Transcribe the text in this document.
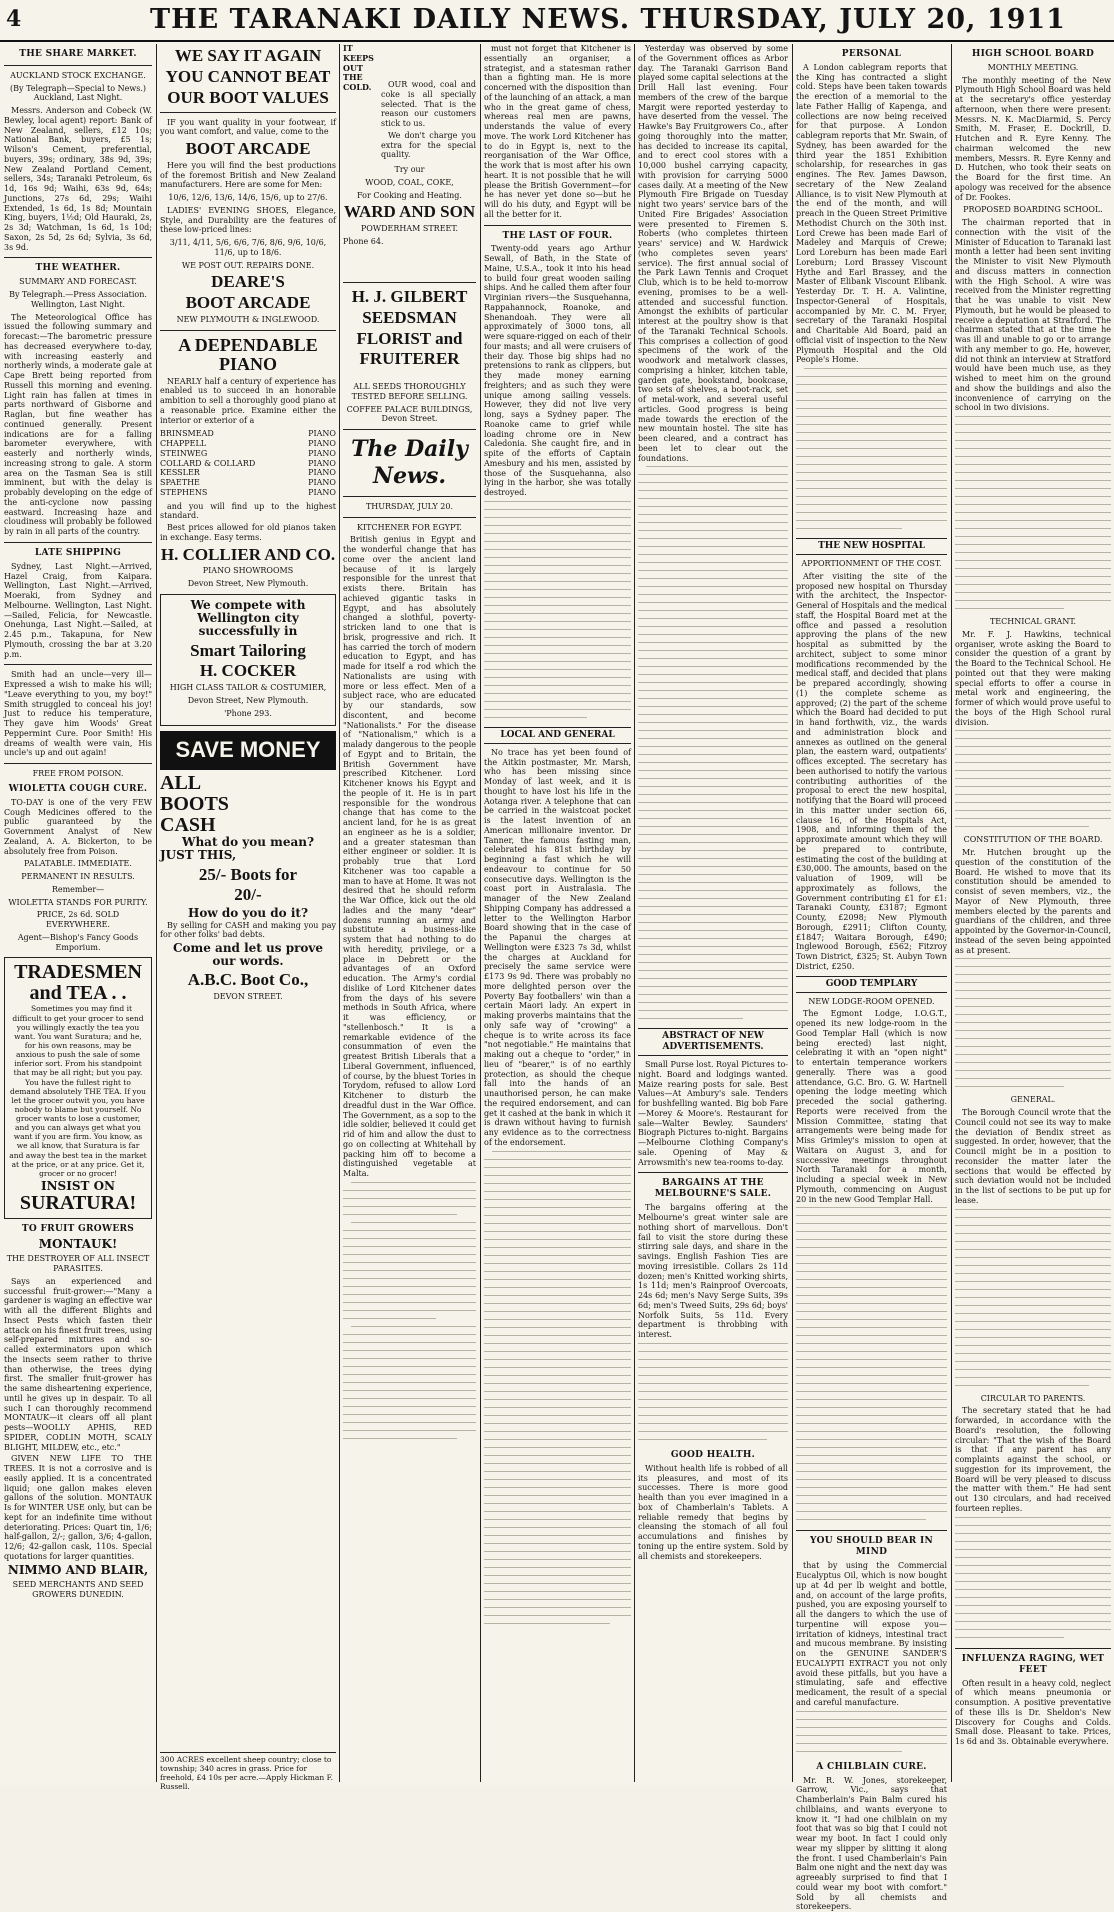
4	THE TARANAKI DAILY NEWS. THURSDAY, JULY 20, 1911
THE SHARE MARKET.
AUCKLAND STOCK EXCHANGE.
(By Telegraph—Special to News.) Auckland, Last Night.

Messrs. Anderson and Cobeck (W. Bewley, local agent) report: Bank of New Zealand, sellers, £12 10s; National Bank, buyers, £5 1s; Wilson's Cement, preferential, buyers, 39s; ordinary, 38s 9d, 39s; New Zealand Portland Cement, sellers, 34s; Taranaki Petroleum, 6s 1d, 16s 9d; Waihi, 63s 9d, 64s; Junctions, 27s 6d, 29s; Waihi Extended, 1s 6d, 1s 8d; Mountain King, buyers, 1½d; Old Hauraki, 2s, 2s 3d; Watchman, 1s 6d, 1s 10d; Saxon, 2s 5d, 2s 6d; Sylvia, 3s 6d, 3s 9d.

THE WEATHER.
SUMMARY AND FORECAST.
By Telegraph.—Press Association. Wellington, Last Night.

The Meteorological Office has issued the following summary and forecast:—The barometric pressure has decreased everywhere to-day, with increasing easterly and northerly winds, a moderate gale at Cape Brett being reported from Russell this morning and evening. Light rain has fallen at times in parts northward of Gisborne and Raglan, but fine weather has continued generally. Present indications are for a falling barometer everywhere, with easterly and northerly winds, increasing strong to gale. A storm area on the Tasman Sea is still imminent, but with the delay is probably developing on the edge of the anti-cyclone now passing eastward. Increasing haze and cloudiness will probably be followed by rain in all parts of the country.

LATE SHIPPING

Sydney, Last Night.—Arrived, Hazel Craig, from Kaipara. Wellington, Last Night.—Arrived, Moeraki, from Sydney and Melbourne. Wellington, Last Night.—Sailed, Felicia, for Newcastle. Onehunga, Last Night.—Sailed, at 2.45 p.m., Takapuna, for New Plymouth, crossing the bar at 3.20 p.m.

Smith had an uncle—very ill—Expressed a wish to make his will; "Leave everything to you, my boy!" Smith struggled to conceal his joy! Just to reduce his temperature, They gave him Woods' Great Peppermint Cure. Poor Smith! His dreams of wealth were vain, His uncle's up and out again!

FREE FROM POISON.
WIOLETTA COUGH CURE.

TO-DAY is one of the very FEW Cough Medicines offered to the public guaranteed by the Government Analyst of New Zealand, A. A. Bickerton, to be absolutely free from Poison.

PALATABLE. IMMEDIATE.
PERMANENT IN RESULTS.
Remember—
WIOLETTA STANDS FOR PURITY.
PRICE, 2s 6d. SOLD EVERYWHERE.
Agent—Bishop's Fancy Goods Emporium.
TRADESMEN and TEA . .

Sometimes you may find it difficult to get your grocer to send you willingly exactly the tea you want. You want Suratura; and he, for his own reasons, may be anxious to push the sale of some inferior sort. From his standpoint that may be all right; but you pay. You have the fullest right to demand absolutely THE TEA. If you let the grocer outwit you, you have nobody to blame but yourself. No grocer wants to lose a customer, and you can always get what you want if you are firm. You know, as we all know, that Suratura is far and away the best tea in the market at the price, or at any price. Get it, grocer or no grocer!

INSIST ON
SURATURA!
TO FRUIT GROWERS
MONTAUK!
THE DESTROYER OF ALL INSECT PARASITES.

Says an experienced and successful fruit-grower:—"Many a gardener is waging an effective war with all the different Blights and Insect Pests which fasten their attack on his finest fruit trees, using self-prepared mixtures and so-called exterminators upon which the insects seem rather to thrive than otherwise, the trees dying first. The smaller fruit-grower has the same disheartening experience, until he gives up in despair. To all such I can thoroughly recommend MONTAUK—it clears off all plant pests—WOOLLY APHIS, RED SPIDER, CODLIN MOTH, SCALY BLIGHT, MILDEW, etc., etc."

GIVEN NEW LIFE TO THE TREES. It is not a corrosive and is easily applied. It is a concentrated liquid; one gallon makes eleven gallons of the solution. MONTAUK Is for WINTER USE only, but can be kept for an indefinite time without deteriorating. Prices: Quart tin, 1/6; half-gallon, 2/-; gallon, 3/6; 4-gallon, 12/6; 42-gallon cask, 110s. Special quotations for larger quantities.

NIMMO AND BLAIR,
SEED MERCHANTS AND SEED GROWERS DUNEDIN.
WE SAY IT AGAIN
YOU CANNOT BEAT
OUR BOOT VALUES

IF you want quality in your footwear, if you want comfort, and value, come to the

BOOT ARCADE

Here you will find the best productions of the foremost British and New Zealand manufacturers. Here are some for Men:

10/6, 12/6, 13/6, 14/6, 15/6, up to 27/6.

LADIES' EVENING SHOES, Elegance, Style, and Durability are the features of these low-priced lines:

3/11, 4/11, 5/6, 6/6, 7/6, 8/6, 9/6, 10/6, 11/6, up to 18/6.
WE POST OUT. REPAIRS DONE.
DEARE'S
BOOT ARCADE
NEW PLYMOUTH & INGLEWOOD.
A DEPENDABLE PIANO

NEARLY half a century of experience has enabled us to succeed in an honorable ambition to sell a thoroughly good piano at a reasonable price. Examine either the interior or exterior of a

BRINSMEAD	PIANO
CHAPPELL	PIANO
STEINWEG	PIANO
COLLARD & COLLARD	PIANO
KESSLER	PIANO
SPAETHE	PIANO
STEPHENS	PIANO

and you will find up to the highest standard.

Best prices allowed for old pianos taken in exchange. Easy terms.

H. COLLIER AND CO.
PIANO SHOWROOMS
Devon Street, New Plymouth.
We compete with Wellington city successfully in
Smart Tailoring
H. COCKER
HIGH CLASS TAILOR & COSTUMIER,
Devon Street, New Plymouth.
'Phone 293.
SAVE MONEY
ALL
BOOTS
CASH
What do you mean?
JUST THIS,
25/- Boots for
20/-
How do you do it?

By selling for CASH and making you pay for other folks' bad debts.

Come and let us prove our words.
A.B.C. Boot Co.,
DEVON STREET.
IT KEEPS OUT THE COLD.	OUR wood, coal and coke is all specially selected. That is the reason our customers stick to us.

We don't charge you extra for the special quality.

Try our
WOOD, COAL, COKE,
For Cooking and Heating.
WARD AND SON
POWDERHAM STREET.
Phone 64.
H. J. GILBERT
SEEDSMAN
FLORIST and
FRUITERER
ALL SEEDS THOROUGHLY TESTED BEFORE SELLING.
COFFEE PALACE BUILDINGS, Devon Street.
The Daily News.
THURSDAY, JULY 20.
KITCHENER FOR EGYPT.

British genius in Egypt and the wonderful change that has come over the ancient land because of it is largely responsible for the unrest that exists there. Britain has achieved gigantic tasks in Egypt, and has absolutely changed a slothful, poverty-stricken land to one that is brisk, progressive and rich. It has carried the torch of modern education to Egypt, and has made for itself a rod which the Nationalists are using with more or less effect. Men of a subject race, who are educated by our standards, sow discontent, and become "Nationalists." For the disease of "Nationalism," which is a malady dangerous to the people of Egypt and to Britain, the British Government have prescribed Kitchener. Lord Kitchener knows his Egypt and the people of it. He is in part responsible for the wondrous change that has come to the ancient land, for he is as great an engineer as he is a soldier, and a greater statesman than either engineer or soldier. It is probably true that Lord Kitchener was too capable a man to have at Home. It was not desired that he should reform the War Office, kick out the old ladies and the many "dear" dozens running an army and substitute a business-like system that had nothing to do with heredity, privilege, or a place in Debrett or the advantages of an Oxford education. The Army's cordial dislike of Lord Kitchener dates from the days of his severe methods in South Africa, where it was efficiency, or "stellenbosch." It is a remarkable evidence of the consummation of even the greatest British Liberals that a Liberal Government, influenced, of course, by the bluest Tories in Torydom, refused to allow Lord Kitchener to disturb the dreadful dust in the War Office. The Government, as a sop to the idle soldier, believed it could get rid of him and allow the dust to go on collecting at Whitehall by packing him off to become a distinguished vegetable at Malta.

must not forget that Kitchener is essentially an organiser, a strategist, and a statesman rather than a fighting man. He is more concerned with the disposition than of the launching of an attack, a man who in the great game of chess, whereas real men are pawns, understands the value of every move. The work Lord Kitchener has to do in Egypt is, next to the reorganisation of the War Office, the work that is most after his own heart. It is not possible that he will please the British Government—for he has never yet done so—but he will do his duty, and Egypt will be all the better for it.

THE LAST OF FOUR.

Twenty-odd years ago Arthur Sewall, of Bath, in the State of Maine, U.S.A., took it into his head to build four great wooden sailing ships. And he called them after four Virginian rivers—the Susquehanna, Rappahannock, Roanoke, and Shenandoah. They were all approximately of 3000 tons, all were square-rigged on each of their four masts; and all were cruisers of their day. Those big ships had no pretensions to rank as clippers, but they made money earning freighters; and as such they were unique among sailing vessels. However, they did not live very long, says a Sydney paper. The Roanoke came to grief while loading chrome ore in New Caledonia. She caught fire, and in spite of the efforts of Captain Amesbury and his men, assisted by those of the Susquehanna, also lying in the harbor, she was totally destroyed.

LOCAL AND GENERAL

No trace has yet been found of the Aitkin postmaster, Mr. Marsh, who has been missing since Monday of last week, and it is thought to have lost his life in the Aotanga river. A telephone that can be carried in the waistcoat pocket is the latest invention of an American millionaire inventor. Dr Tanner, the famous fasting man, celebrated his 81st birthday by beginning a fast which he will endeavour to continue for 50 consecutive days. Wellington is the coast port in Australasia. The manager of the New Zealand Shipping Company has addressed a letter to the Wellington Harbor Board showing that in the case of the Papanui the charges at Wellington were £323 7s 3d, whilst the charges at Auckland for precisely the same service were £173 9s 9d. There was probably no more delighted person over the Poverty Bay footballers' win than a certain Maori lady. An expert in making proverbs maintains that the only safe way of "crowing" a cheque is to write across its face "not negotiable." He maintains that making out a cheque to "order," in lieu of "bearer," is of no earthly protection, as should the cheque fall into the hands of an unauthorised person, he can make the required endorsement, and can get it cashed at the bank in which it is drawn without having to furnish any evidence as to the correctness of the endorsement.

Yesterday was observed by some of the Government offices as Arbor day. The Taranaki Garrison Band played some capital selections at the Drill Hall last evening. Four members of the crew of the barque Margit were reported yesterday to have deserted from the vessel. The Hawke's Bay Fruitgrowers Co., after going thoroughly into the matter, has decided to increase its capital, and to erect cool stores with a 10,000 bushel carrying capacity, with provision for carrying 5000 cases daily. At a meeting of the New Plymouth Fire Brigade on Tuesday night two years' service bars of the United Fire Brigades' Association were presented to Firemen S. Roberts (who completes thirteen years' service) and W. Hardwick (who completes seven years' service). The first annual social of the Park Lawn Tennis and Croquet Club, which is to be held to-morrow evening, promises to be a well-attended and successful function. Amongst the exhibits of particular interest at the poultry show is that of the Taranaki Technical Schools. This comprises a collection of good specimens of the work of the woodwork and metalwork classes, comprising a hinker, kitchen table, garden gate, bookstand, bookcase, two sets of shelves, a boot-rack, set of metal-work, and several useful articles. Good progress is being made towards the erection of the new mountain hostel. The site has been cleared, and a contract has been let to clear out the foundations.

ABSTRACT OF NEW ADVERTISEMENTS.

Small Purse lost. Royal Pictures to-night. Board and lodgings wanted. Maize rearing posts for sale. Best Values—At Ambury's sale. Tenders for bushfelling wanted. Big bob Fare—Morey & Moore's. Restaurant for sale—Walter Bewley. Saunders' Biograph Pictures to-night. Bargains—Melbourne Clothing Company's sale. Opening of May & Arrowsmith's new tea-rooms to-day.

BARGAINS AT THE MELBOURNE'S SALE.

The bargains offering at the Melbourne's great winter sale are nothing short of marvellous. Don't fail to visit the store during these stirring sale days, and share in the savings. English Fashion Ties are moving irresistible. Collars 2s 11d dozen; men's Knitted working shirts, 1s 11d; men's Rainproof Overcoats, 24s 6d; men's Navy Serge Suits, 39s 6d; men's Tweed Suits, 29s 6d; boys' Norfolk Suits, 5s 11d. Every department is throbbing with interest.

GOOD HEALTH.

Without health life is robbed of all its pleasures, and most of its successes. There is more good health than you ever imagined in a box of Chamberlain's Tablets. A reliable remedy that begins by cleansing the stomach of all foul accumulations and finishes by toning up the entire system. Sold by all chemists and storekeepers.

PERSONAL

A London cablegram reports that the King has contracted a slight cold. Steps have been taken towards the erection of a memorial to the late Father Hallig of Kapenga, and collections are now being received for that purpose. A London cablegram reports that Mr. Swain, of Sydney, has been awarded for the third year the 1851 Exhibition scholarship, for researches in gas engines. The Rev. James Dawson, secretary of the New Zealand Alliance, is to visit New Plymouth at the end of the month, and will preach in the Queen Street Primitive Methodist Church on the 30th inst. Lord Crewe has been made Earl of Madeley and Marquis of Crewe; Lord Loreburn has been made Earl Loreburn; Lord Brassey Viscount Hythe and Earl Brassey, and the Master of Elibank Viscount Elibank. Yesterday Dr. T. H. A. Valintine, Inspector-General of Hospitals, accompanied by Mr. C. M. Fryer, secretary of the Taranaki Hospital and Charitable Aid Board, paid an official visit of inspection to the New Plymouth Hospital and the Old People's Home.

THE NEW HOSPITAL
APPORTIONMENT OF THE COST.

After visiting the site of the proposed new hospital on Thursday with the architect, the Inspector-General of Hospitals and the medical staff, the Hospital Board met at the office and passed a resolution approving the plans of the new hospital as submitted by the architect, subject to some minor modifications recommended by the medical staff, and decided that plans be prepared accordingly, showing (1) the complete scheme as approved; (2) the part of the scheme which the Board had decided to put in hand forthwith, viz., the wards and administration block and annexes as outlined on the general plan, the eastern ward, outpatients' offices excepted. The secretary has been authorised to notify the various contributing authorities of the proposal to erect the new hospital, notifying that the Board will proceed in this matter under section 66, clause 16, of the Hospitals Act, 1908, and informing them of the approximate amount which they will be prepared to contribute, estimating the cost of the building at £30,000. The amounts, based on the valuation of 1909, will be approximately as follows, the Government contributing £1 for £1: Taranaki County, £3187; Egmont County, £2098; New Plymouth Borough, £2911; Clifton County, £1847; Waitara Borough, £490; Inglewood Borough, £562; Fitzroy Town District, £325; St. Aubyn Town District, £250.

GOOD TEMPLARY
NEW LODGE-ROOM OPENED.

The Egmont Lodge, I.O.G.T., opened its new lodge-room in the Good Templar Hall (which is now being erected) last night, celebrating it with an "open night" to entertain temperance workers generally. There was a good attendance, G.C. Bro. G. W. Hartnell opening the lodge meeting which preceded the social gathering. Reports were received from the Mission Committee, stating that arrangements were being made for Miss Grimley's mission to open at Waitara on August 3, and for successive meetings throughout North Taranaki for a month, including a special week in New Plymouth, commencing on August 20 in the new Good Templar Hall.

YOU SHOULD BEAR IN MIND

that by using the Commercial Eucalyptus Oil, which is now bought up at 4d per lb weight and bottle, and, on account of the large profits, pushed, you are exposing yourself to all the dangers to which the use of turpentine will expose you—irritation of kidneys, intestinal tract and mucous membrane. By insisting on the GENUINE SANDER'S EUCALYPTI EXTRACT you not only avoid these pitfalls, but you have a stimulating, safe and effective medicament, the result of a special and careful manufacture.

A CHILBLAIN CURE.

Mr. R. W. Jones, storekeeper, Garrow, Vic., says that Chamberlain's Pain Balm cured his chilblains, and wants everyone to know it. "I had one chilblain on my foot that was so big that I could not wear my boot. In fact I could only wear my slipper by slitting it along the front. I used Chamberlain's Pain Balm one night and the next day was agreeably surprised to find that I could wear my boot with comfort." Sold by all chemists and storekeepers.

HIGH SCHOOL BOARD
MONTHLY MEETING.

The monthly meeting of the New Plymouth High School Board was held at the secretary's office yesterday afternoon, when there were present: Messrs. N. K. MacDiarmid, S. Percy Smith, M. Fraser, E. Dockrill, D. Hutchen and R. Eyre Kenny. The chairman welcomed the new members, Messrs. R. Eyre Kenny and D. Hutchen, who took their seats on the Board for the first time. An apology was received for the absence of Dr. Fookes.

PROPOSED BOARDING SCHOOL.

The chairman reported that in connection with the visit of the Minister of Education to Taranaki last month a letter had been sent inviting the Minister to visit New Plymouth and discuss matters in connection with the High School. A wire was received from the Minister regretting that he was unable to visit New Plymouth, but he would be pleased to receive a deputation at Stratford. The chairman stated that at the time he was ill and unable to go or to arrange with any member to go. He, however, did not think an interview at Stratford would have been much use, as they wished to meet him on the ground and show the buildings and also the inconvenience of carrying on the school in two divisions.

TECHNICAL GRANT.

Mr. F. J. Hawkins, technical organiser, wrote asking the Board to consider the question of a grant by the Board to the Technical School. He pointed out that they were making special efforts to offer a course in metal work and engineering, the former of which would prove useful to the boys of the High School rural division.

CONSTITUTION OF THE BOARD.

Mr. Hutchen brought up the question of the constitution of the Board. He wished to move that its constitution should be amended to consist of seven members, viz., the Mayor of New Plymouth, three members elected by the parents and guardians of the children, and three appointed by the Governor-in-Council, instead of the seven being appointed as at present.

GENERAL.

The Borough Council wrote that the Council could not see its way to make the deviation of Bendix street as suggested. In order, however, that the Council might be in a position to reconsider the matter later the sections that would be effected by such deviation would not be included in the list of sections to be put up for lease.

CIRCULAR TO PARENTS.

The secretary stated that he had forwarded, in accordance with the Board's resolution, the following circular: "That the wish of the Board is that if any parent has any complaints against the school, or suggestion for its improvement, the Board will be very pleased to discuss the matter with them." He had sent out 130 circulars, and had received fourteen replies.

INFLUENZA RAGING, WET FEET

Often result in a heavy cold, neglect of which means pneumonia or consumption. A positive preventative of these ills is Dr. Sheldon's New Discovery for Coughs and Colds. Small dose. Pleasant to take. Prices, 1s 6d and 3s. Obtainable everywhere.

300 ACRES excellent sheep country; close to township; 340 acres in grass. Price for freehold, £4 10s per acre.—Apply Hickman F. Russell.
